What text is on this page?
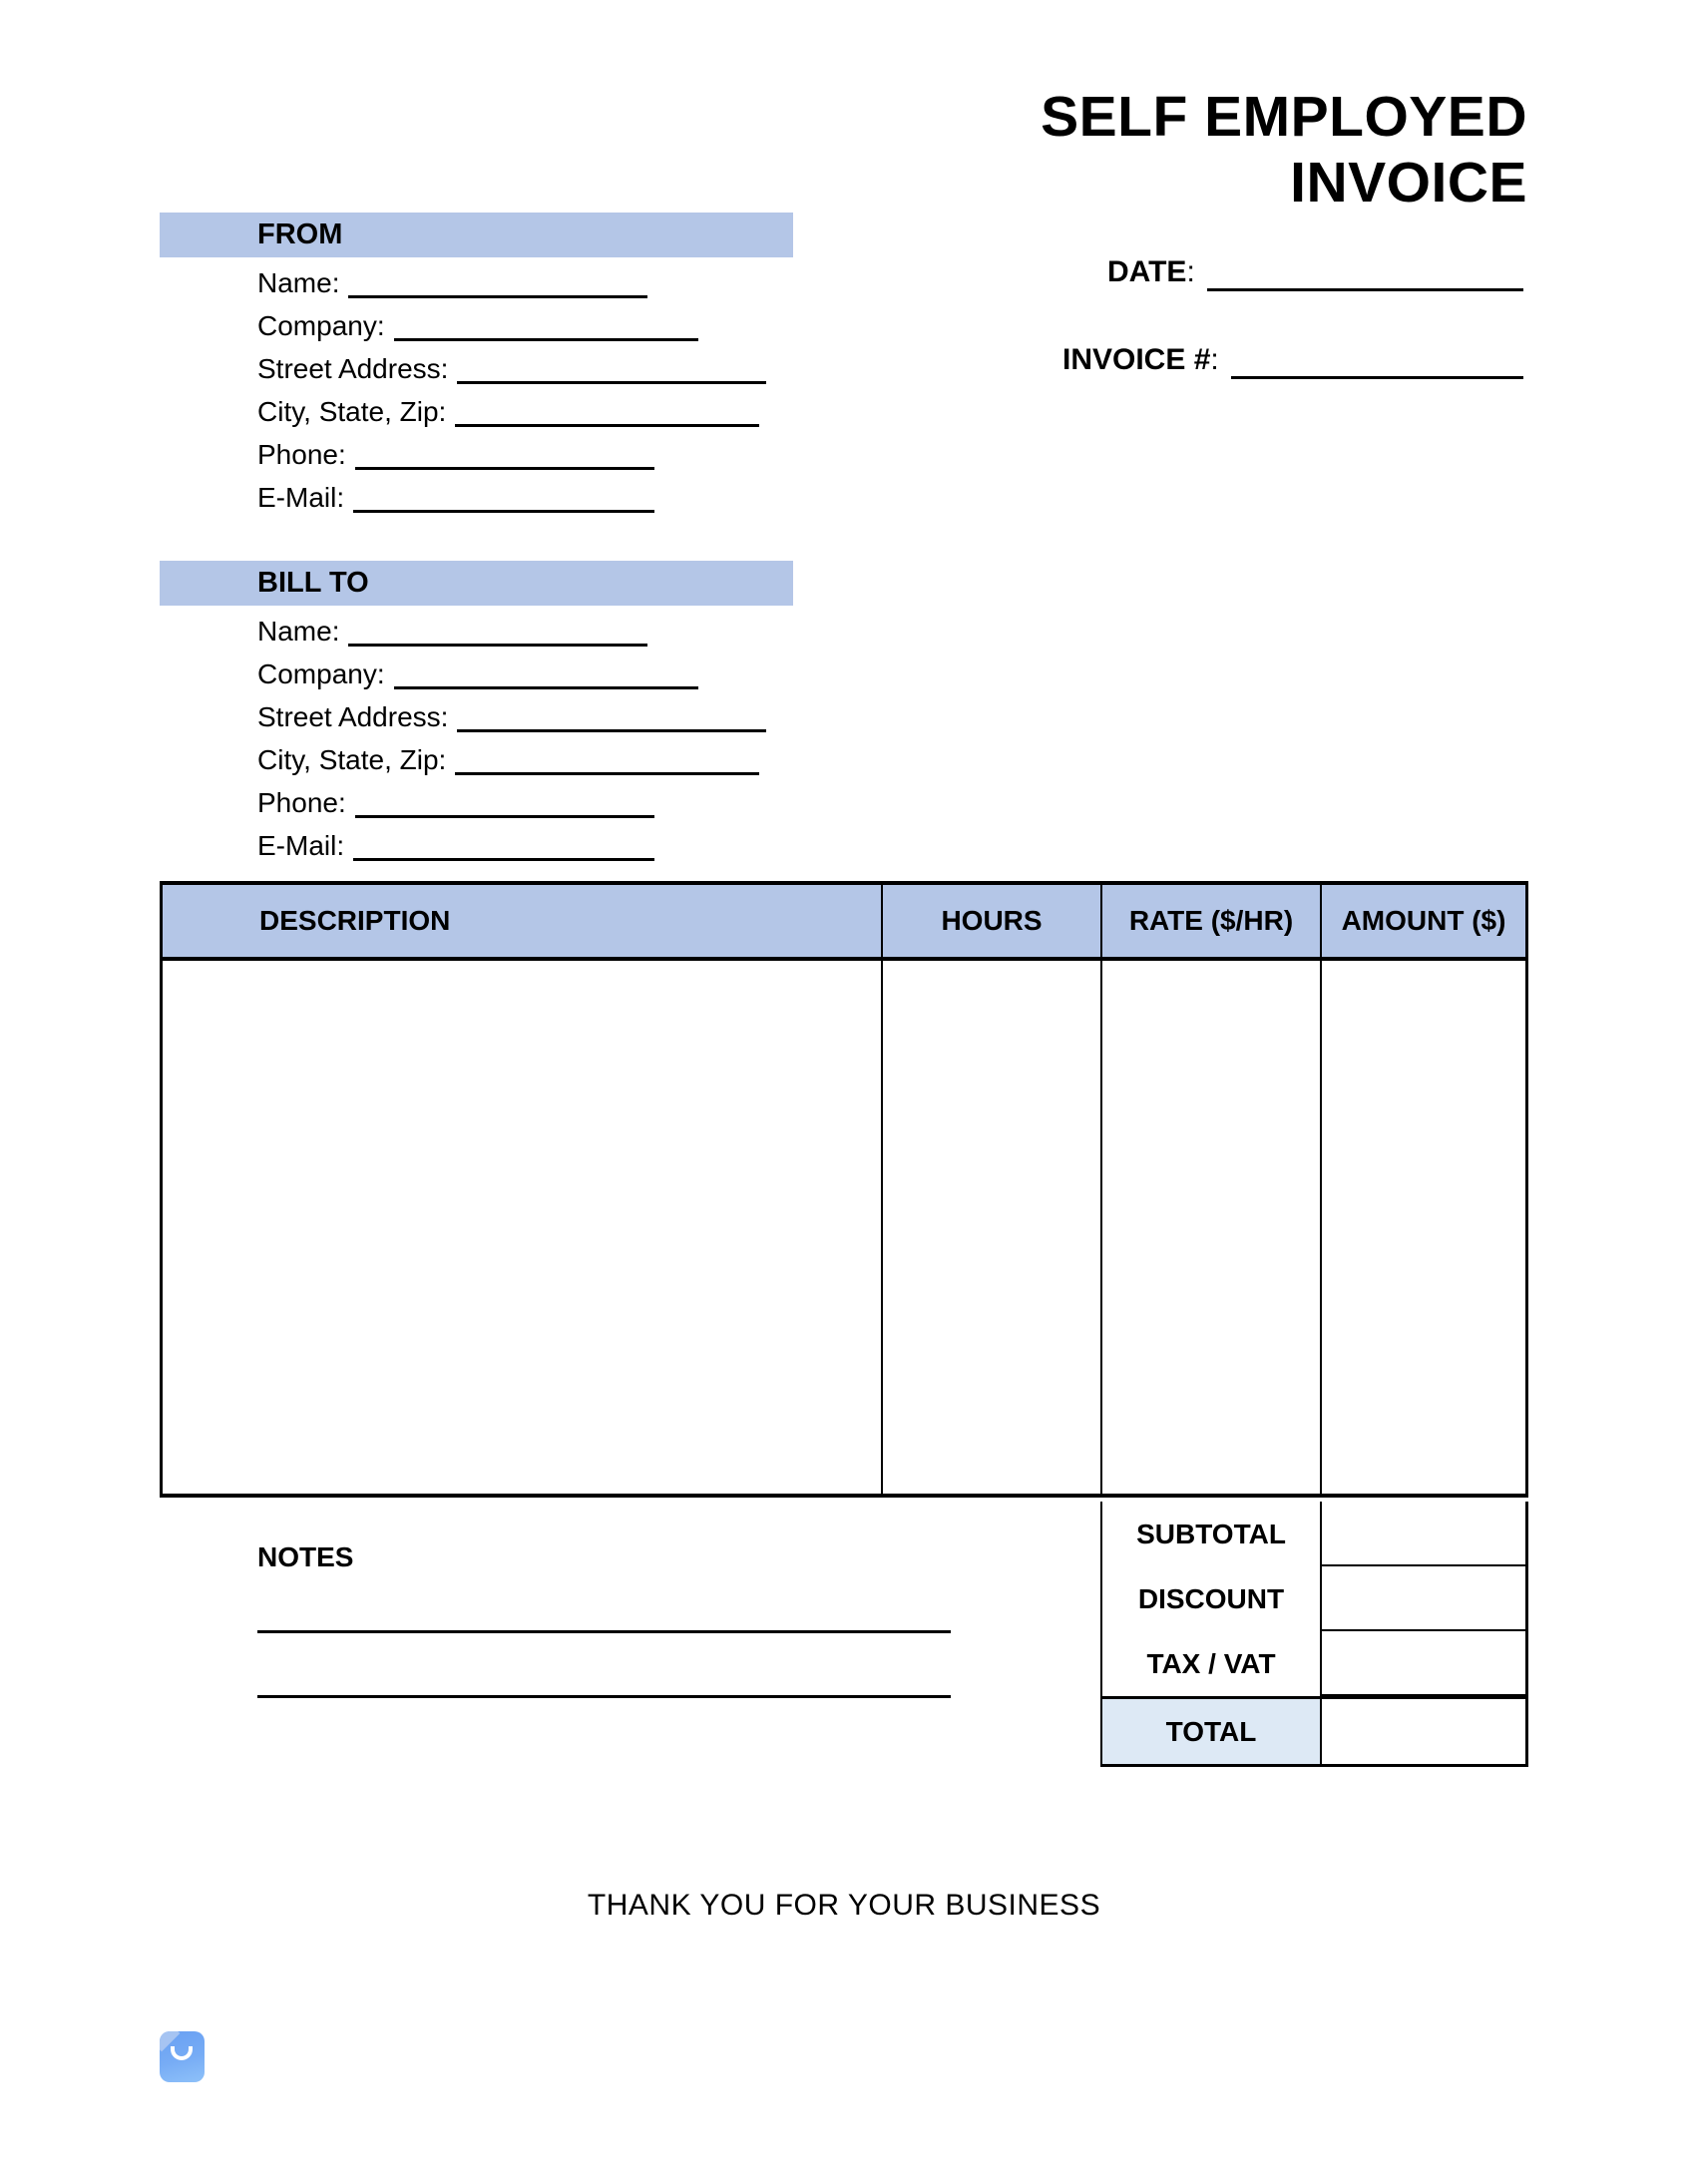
SELF EMPLOYED
INVOICE
DATE :
INVOICE # :
FROM
Name:
Company:
Street Address:
City, State, Zip:
Phone:
E-Mail:
BILL TO
Name:
Company:
Street Address:
City, State, Zip:
Phone:
E-Mail:
DESCRIPTION	HOURS	RATE ($/HR)	AMOUNT ($)
SUBTOTAL
DISCOUNT
TAX / VAT
TOTAL
NOTES
THANK YOU FOR YOUR BUSINESS
